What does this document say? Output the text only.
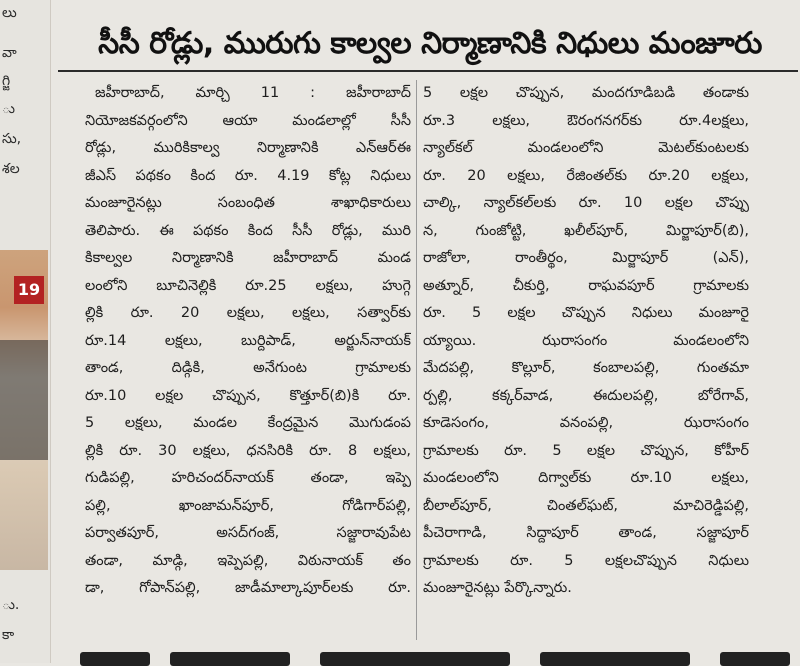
లు
వా
గ్జి
ు
సు,
శల
19
ు.
కా
సీసీ రోడ్లు, మురుగు కాల్వల నిర్మాణానికి నిధులు మంజూరు
జహీరాబాద్, మార్చి 11 : జహీరాబాద్
నియోజకవర్గంలోని ఆయా మండలాల్లో సీసీ
రోడ్లు, మురికికాల్వ నిర్మాణానికి ఎన్ఆర్ఈ
జీఎస్ పథకం కింద రూ. 4.19 కోట్ల నిధులు
మంజూరైనట్లు సంబంధిత శాఖాధికారులు
తెలిపారు. ఈ పథకం కింద సీసీ రోడ్లు, మురి
కికాల్వల నిర్మాణానికి జహీరాబాద్ మండ
లంలోని బూచినెల్లికి రూ.25 లక్షలు, హుగ్గె
ల్లికి రూ. 20 లక్షలు, లక్షలు, సత్వార్‌కు
రూ.14 లక్షలు, బుర్దిపాడ్, అర్జున్‌నాయక్
తాండ, దిడ్గికి, అనేగుంట గ్రామాలకు
రూ.10 లక్షల చొప్పున, కొత్తూర్(బి)కి రూ.
5 లక్షలు, మండల కేంద్రమైన మొగుడంప
ల్లికి రూ. 30 లక్షలు, ధనసిరికి రూ. 8 లక్షలు,
గుడిపల్లి, హరిచందర్‌నాయక్ తండా, ఇప్పె
పల్లి, ఖాంజామన్‌పూర్, గోడిగార్‌పల్లి,
పర్వాతపూర్, అసద్‌గంజ్, సజ్జారావుపేట
తండా, మాడ్గి, ఇప్పెపల్లి, విఠునాయక్ తం
డా, గోపాన్‌పల్లి, జాడీమాల్కాపూర్‌లకు రూ.
5 లక్షల చొప్పున, మందగూడిబడి తండాకు
రూ.3 లక్షలు, ఔరంగనగర్‌కు రూ.4లక్షలు,
న్యాల్‌కల్ మండలంలోని మెటల్‌కుంటలకు
రూ. 20 లక్షలు, రేజింతల్‌కు రూ.20 లక్షలు,
చాల్కి, న్యాల్‌కల్‌లకు రూ. 10 లక్షల చొప్పు
న, గుంజోట్టి, ఖలీల్‌పూర్, మిర్జాపూర్(బి),
రాజోలా, రాంతీర్థం, మిర్జాపూర్ (ఎన్),
అత్నూర్, చీకుర్తి, రాఘవపూర్ గ్రామాలకు
రూ. 5 లక్షల చొప్పున నిధులు మంజూరై
య్యాయి. ఝరాసంగం మండలంలోని
మేదపల్లి, కొల్లూర్, కంబాలపల్లి, గుంతమా
ర్పల్లి, కక్కర్‌వాడ, ఈదులపల్లి, బోరేగావ్,
కూడెసంగం, వనంపల్లి, ఝరాసంగం
గ్రామాలకు రూ. 5 లక్షల చొప్పున, కోహీర్
మండలంలోని దిగ్వాల్‌కు రూ.10 లక్షలు,
బీలాల్‌పూర్, చింతల్‌ఘట్, మాచిరెడ్డిపల్లి,
పీచెరాగాడి, సిద్దాపూర్ తాండ, సజ్జాపూర్
గ్రామాలకు రూ. 5 లక్షలచొప్పున నిధులు
మంజూరైనట్లు పేర్కొన్నారు.
